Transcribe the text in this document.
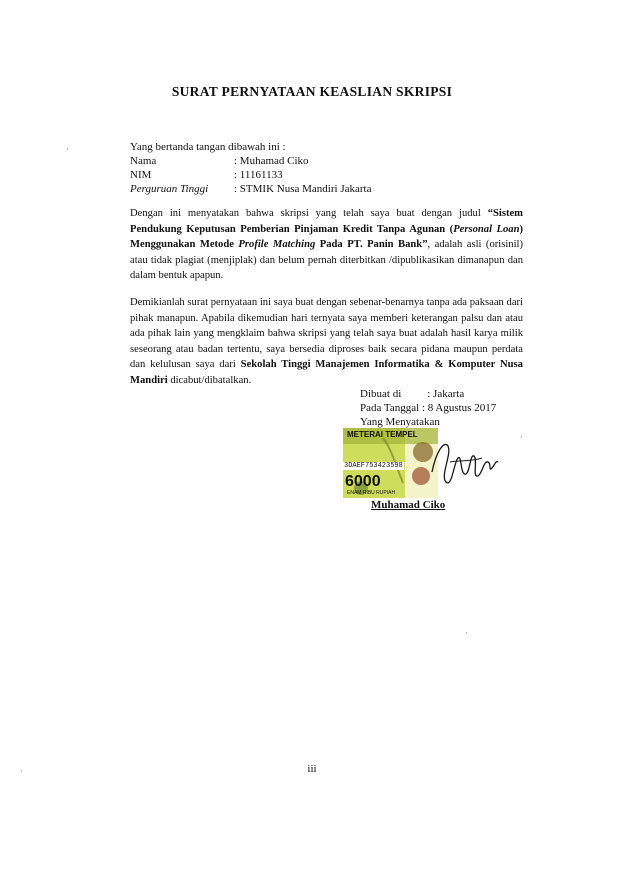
SURAT PERNYATAAN KEASLIAN SKRIPSI
Yang bertanda tangan dibawah ini :
Nama	: Muhamad Ciko
NIM	: 11161133
Perguruan Tinggi : STMIK Nusa Mandiri Jakarta
Dengan ini menyatakan bahwa skripsi yang telah saya buat dengan judul “Sistem Pendukung Keputusan Pemberian Pinjaman Kredit Tanpa Agunan (Personal Loan) Menggunakan Metode Profile Matching Pada PT. Panin Bank”, adalah asli (orisinil) atau tidak plagiat (menjiplak) dan belum pernah diterbitkan /dipublikasikan dimanapun dan dalam bentuk apapun.
Demikianlah surat pernyataan ini saya buat dengan sebenar-benarnya tanpa ada paksaan dari pihak manapun. Apabila dikemudian hari ternyata saya memberi keterangan palsu dan atau ada pihak lain yang mengklaim bahwa skripsi yang telah saya buat adalah hasil karya milik seseorang atau badan tertentu, saya bersedia diproses baik secara pidana maupun perdata dan kelulusan saya dari Sekolah Tinggi Manajemen Informatika & Komputer Nusa Mandiri dicabut/dibatalkan.
Dibuat di : Jakarta
Pada Tanggal : 8 Agustus 2017
Yang Menyatakan
METERAI TEMPEL
3DAEF753423598
6000
ENAM RIBU RUPIAH
Muhamad Ciko
iii
·
·
·
·
